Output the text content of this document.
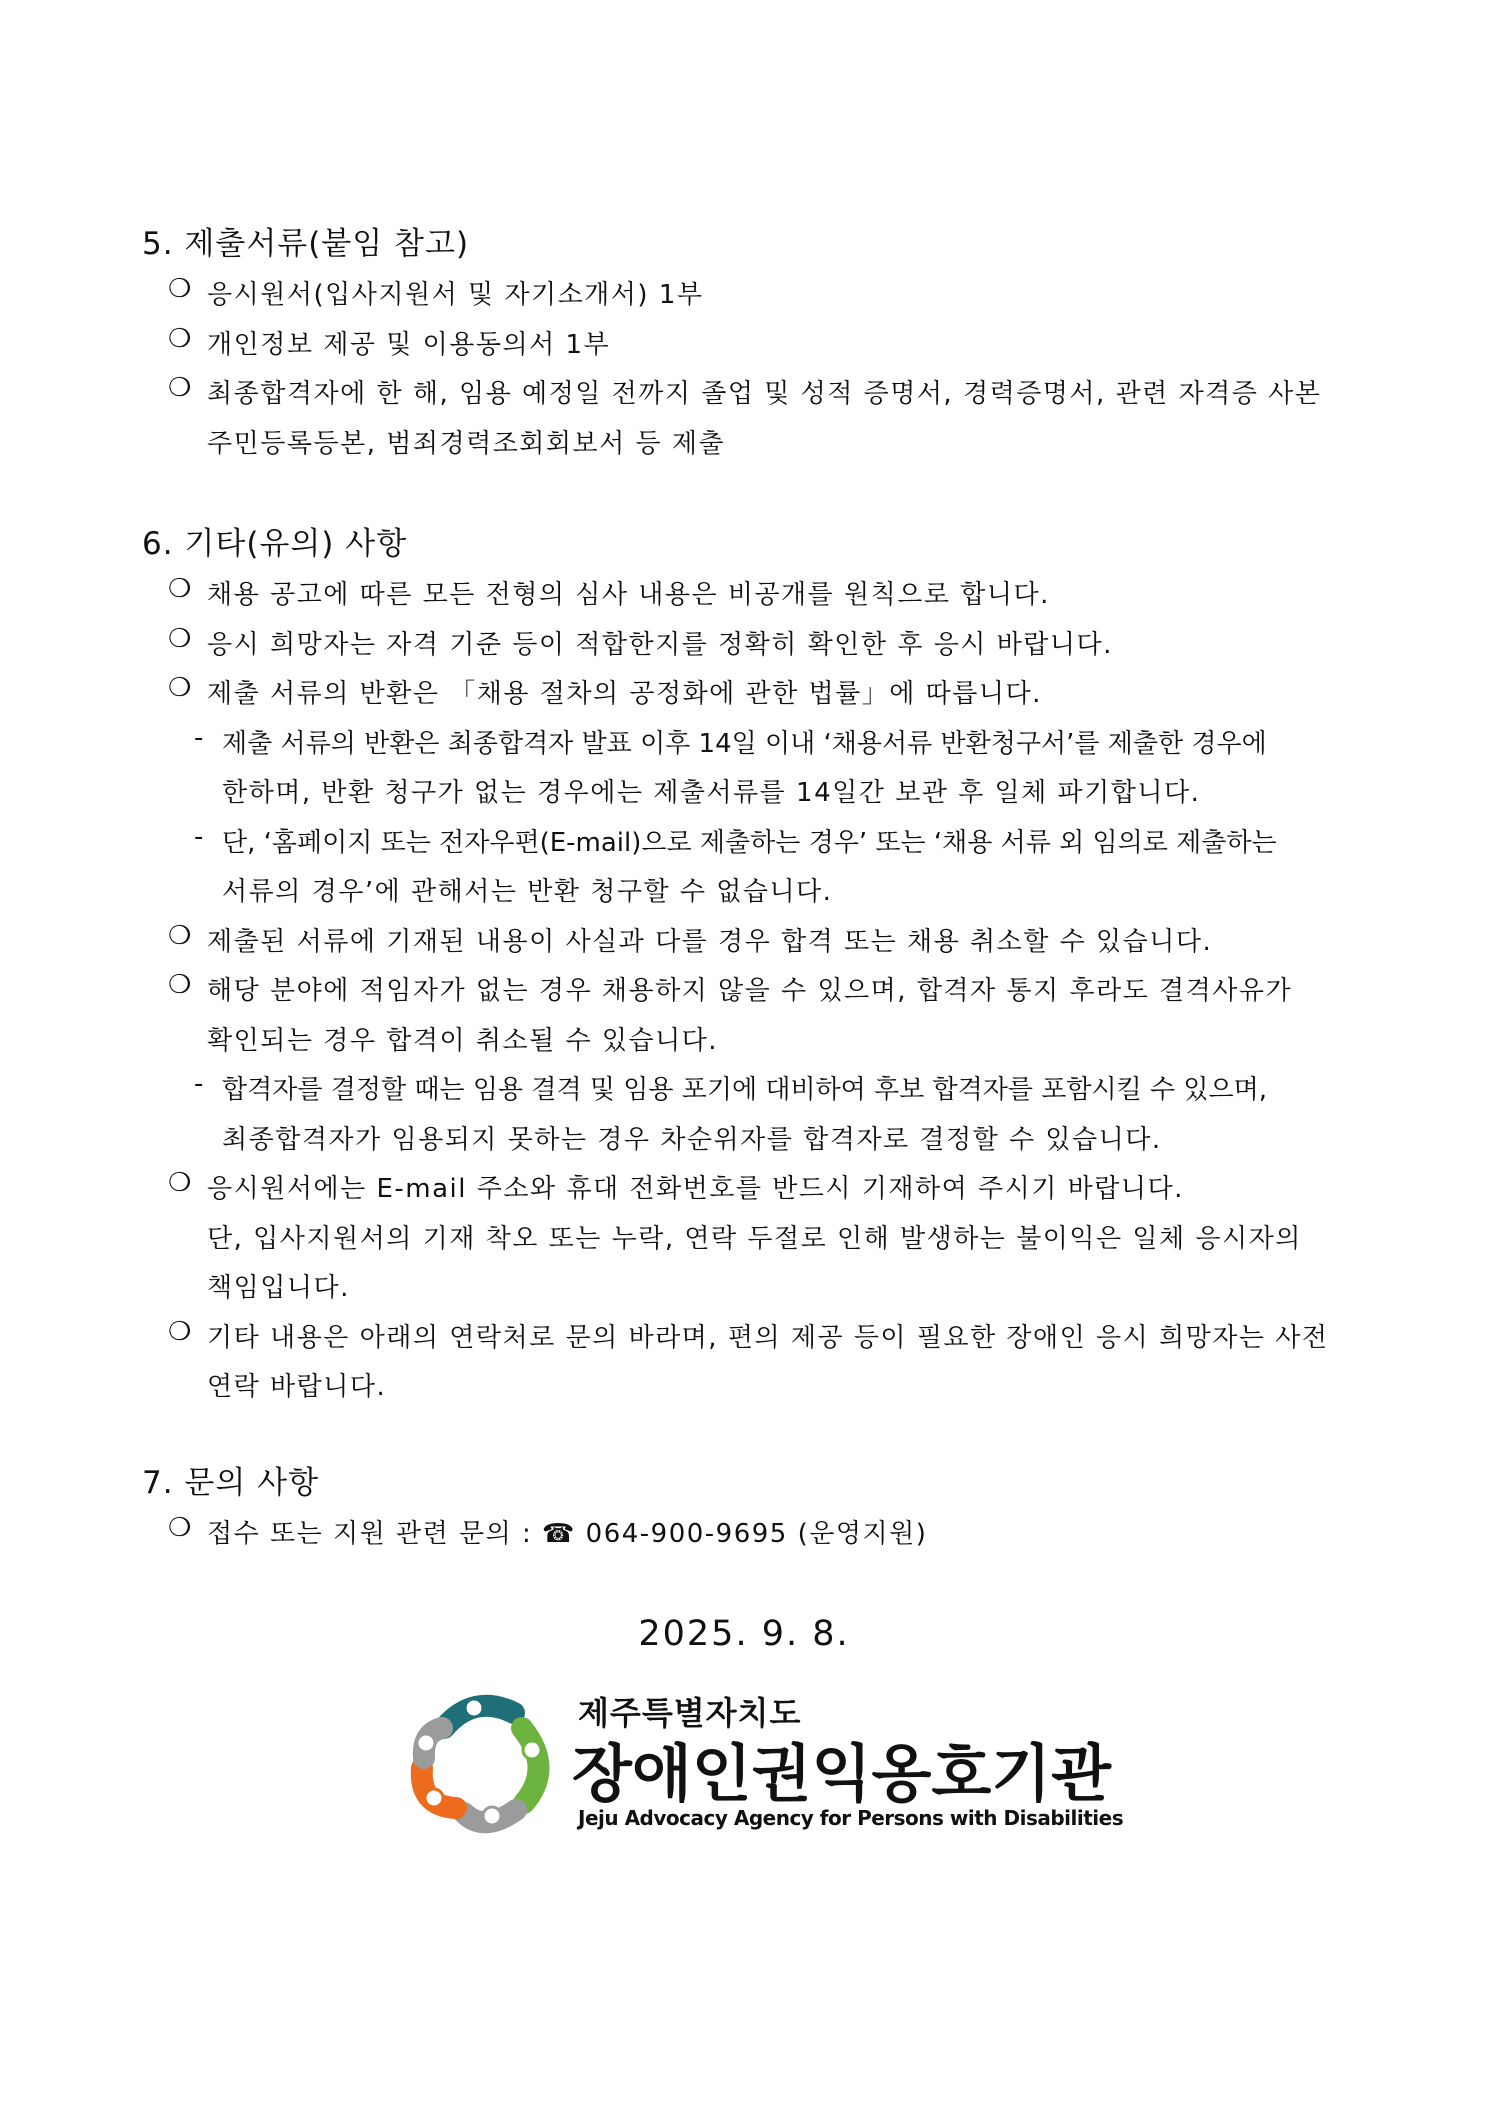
5. 제출서류(붙임 참고)
❍ 응시원서(입사지원서 및 자기소개서) 1부
❍ 개인정보 제공 및 이용동의서 1부
❍ 최종합격자에 한 해, 임용 예정일 전까지 졸업 및 성적 증명서, 경력증명서, 관련 자격증 사본
주민등록등본, 범죄경력조회회보서 등 제출
6. 기타(유의) 사항
❍ 채용 공고에 따른 모든 전형의 심사 내용은 비공개를 원칙으로 합니다.
❍ 응시 희망자는 자격 기준 등이 적합한지를 정확히 확인한 후 응시 바랍니다.
❍ 제출 서류의 반환은 「채용 절차의 공정화에 관한 법률」에 따릅니다.
- 제출 서류의 반환은 최종합격자 발표 이후 14일 이내 ‘채용서류 반환청구서’를 제출한 경우에
한하며, 반환 청구가 없는 경우에는 제출서류를 14일간 보관 후 일체 파기합니다.
- 단, ‘홈페이지 또는 전자우편(E-mail)으로 제출하는 경우’ 또는 ‘채용 서류 외 임의로 제출하는
서류의 경우’에 관해서는 반환 청구할 수 없습니다.
❍ 제출된 서류에 기재된 내용이 사실과 다를 경우 합격 또는 채용 취소할 수 있습니다.
❍ 해당 분야에 적임자가 없는 경우 채용하지 않을 수 있으며, 합격자 통지 후라도 결격사유가
확인되는 경우 합격이 취소될 수 있습니다.
- 합격자를 결정할 때는 임용 결격 및 임용 포기에 대비하여 후보 합격자를 포함시킬 수 있으며,
최종합격자가 임용되지 못하는 경우 차순위자를 합격자로 결정할 수 있습니다.
❍ 응시원서에는 E-mail 주소와 휴대 전화번호를 반드시 기재하여 주시기 바랍니다.
단, 입사지원서의 기재 착오 또는 누락, 연락 두절로 인해 발생하는 불이익은 일체 응시자의
책임입니다.
❍ 기타 내용은 아래의 연락처로 문의 바라며, 편의 제공 등이 필요한 장애인 응시 희망자는 사전
연락 바랍니다.
7. 문의 사항
❍ 접수 또는 지원 관련 문의 : ☎ 064-900-9695 (운영지원)
2025. 9. 8.
제주특별자치도
장애인권익옹호기관
Jeju Advocacy Agency for Persons with Disabilities
